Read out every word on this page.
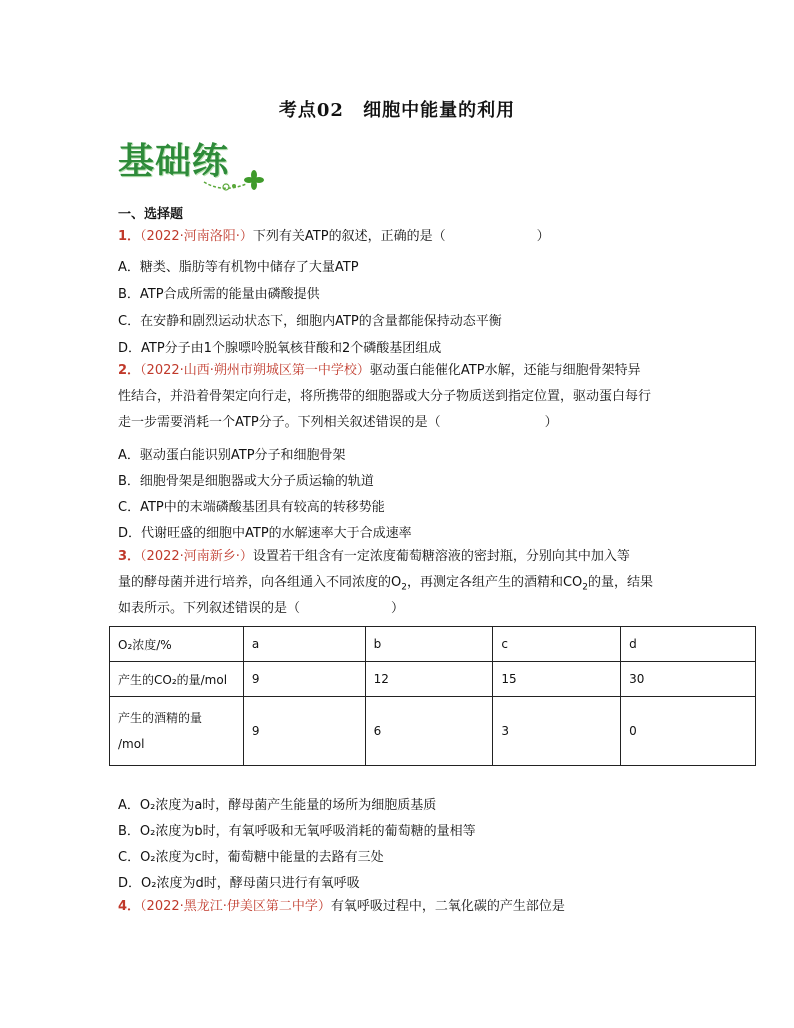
考点02 细胞中能量的利用
基础练
一、选择题
1．（2022·河南洛阳·）下列有关ATP的叙述，正确的是（　　　　　　　）
A．糖类、脂肪等有机物中储存了大量ATP
B．ATP合成所需的能量由磷酸提供
C．在安静和剧烈运动状态下，细胞内ATP的含量都能保持动态平衡
D．ATP分子由1个腺嘌呤脱氧核苷酸和2个磷酸基团组成
2．（2022·山西·朔州市朔城区第一中学校）驱动蛋白能催化ATP水解，还能与细胞骨架特异
性结合，并沿着骨架定向行走，将所携带的细胞器或大分子物质送到指定位置，驱动蛋白每行
走一步需要消耗一个ATP分子。下列相关叙述错误的是（　　　　　　　　）
A．驱动蛋白能识别ATP分子和细胞骨架
B．细胞骨架是细胞器或大分子质运输的轨道
C．ATP中的末端磷酸基团具有较高的转移势能
D．代谢旺盛的细胞中ATP的水解速率大于合成速率
3．（2022·河南新乡·）设置若干组含有一定浓度葡萄糖溶液的密封瓶，分别向其中加入等
量的酵母菌并进行培养，向各组通入不同浓度的$O_2$，再测定各组产生的酒精和$CO_2$的量，结果
如表所示。下列叙述错误的是（　　　　　　　）
O₂浓度/%	a	b	c	d
产生的CO₂的量/mol	9	12	15	30

产生的酒精的量
/mol	9	6	3	0
A．O₂浓度为a时，酵母菌产生能量的场所为细胞质基质
B．O₂浓度为b时，有氧呼吸和无氧呼吸消耗的葡萄糖的量相等
C．O₂浓度为c时，葡萄糖中能量的去路有三处
D．O₂浓度为d时，酵母菌只进行有氧呼吸
4．（2022·黑龙江·伊美区第二中学）有氧呼吸过程中，二氧化碳的产生部位是
